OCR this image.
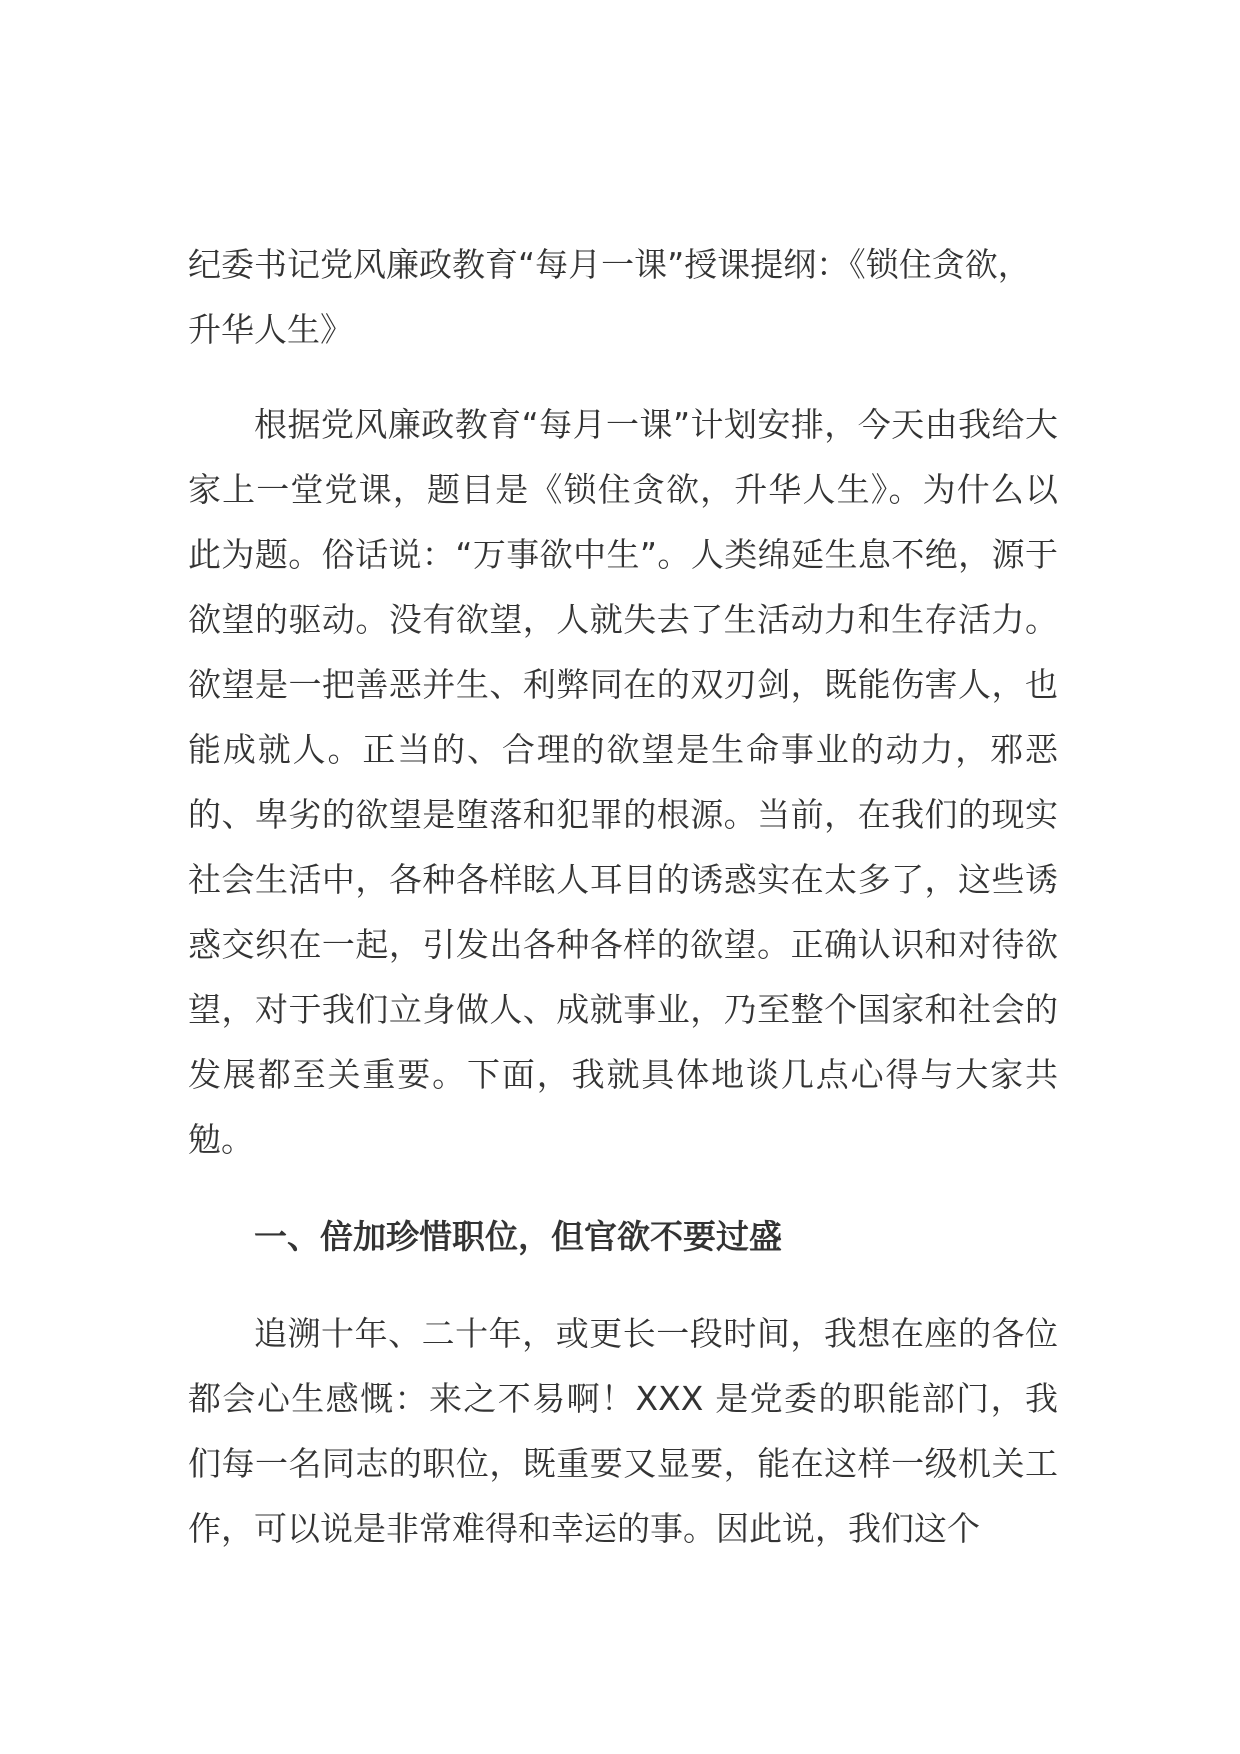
纪委书记党风廉政教育“每月一课”授课提纲：《锁住贪欲，升华人生》

根据党风廉政教育“每月一课”计划安排，今天由我给大家上一堂党课，题目是《锁住贪欲，升华人生》。为什么以此为题。俗话说：“万事欲中生”。人类绵延生息不绝，源于欲望的驱动。没有欲望，人就失去了生活动力和生存活力。欲望是一把善恶并生、利弊同在的双刃剑，既能伤害人，也能成就人。正当的、合理的欲望是生命事业的动力，邪恶的、卑劣的欲望是堕落和犯罪的根源。当前，在我们的现实社会生活中，各种各样眩人耳目的诱惑实在太多了，这些诱惑交织在一起，引发出各种各样的欲望。正确认识和对待欲望，对于我们立身做人、成就事业，乃至整个国家和社会的发展都至关重要。下面，我就具体地谈几点心得与大家共勉。

一、倍加珍惜职位，但官欲不要过盛

追溯十年、二十年，或更长一段时间，我想在座的各位都会心生感慨：来之不易啊！XXX 是党委的职能部门，我们每一名同志的职位，既重要又显要，能在这样一级机关工作，可以说是非常难得和幸运的事。因此说，我们这个
